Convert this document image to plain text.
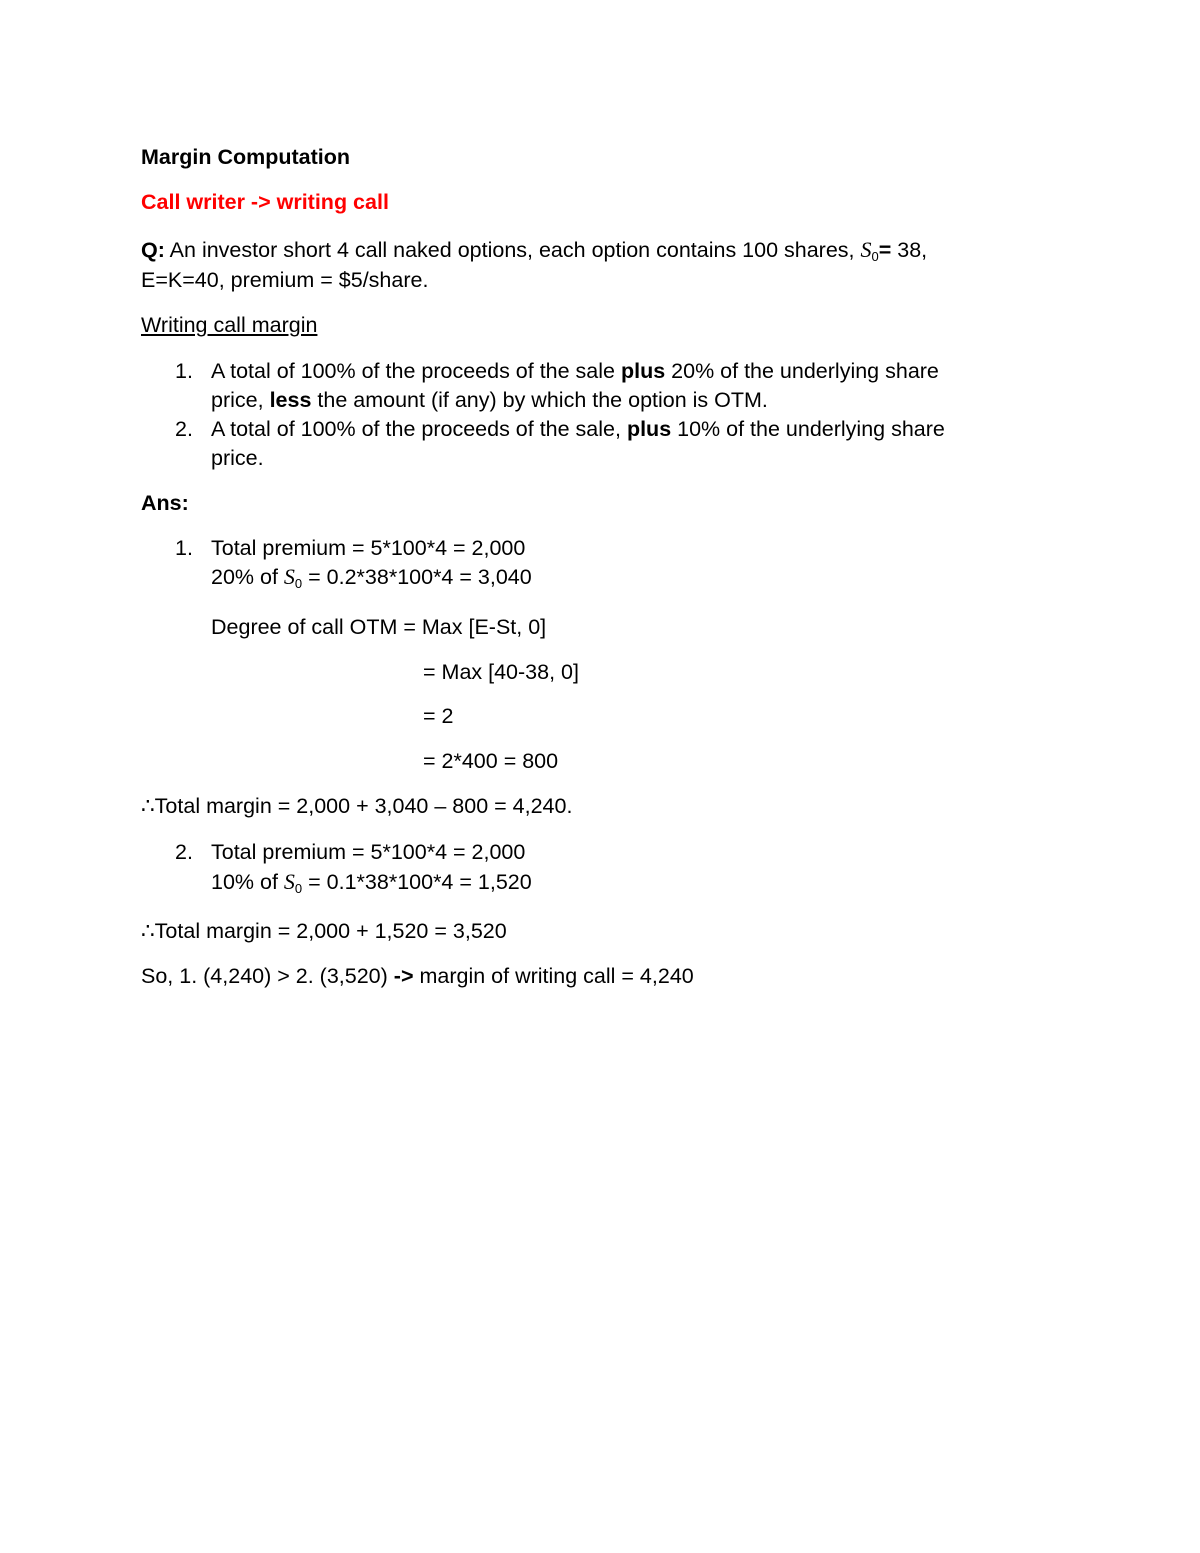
Margin Computation
Call writer -> writing call
Q: An investor short 4 call naked options, each option contains 100 shares, $S_0= 38$,
E=K=40, premium = $5/share.
Writing call margin
1. A total of 100% of the proceeds of the sale plus 20% of the underlying share
price, less the amount (if any) by which the option is OTM.
2. A total of 100% of the proceeds of the sale, plus 10% of the underlying share
price.
Ans:
1. Total premium = 5*100*4 = 2,000
20% of $S_0 = 0.2*38*100*4 = 3,040$
Degree of call OTM = Max [E-St, 0]
= Max [40-38, 0]
= 2
= 2*400 = 800
∴Total margin = 2,000 + 3,040 – 800 = 4,240.
2. Total premium = 5*100*4 = 2,000
10% of $S_0 = 0.1*38*100*4 = 1,520$
∴Total margin = 2,000 + 1,520 = 3,520
So, 1. (4,240) > 2. (3,520) -> margin of writing call = 4,240
